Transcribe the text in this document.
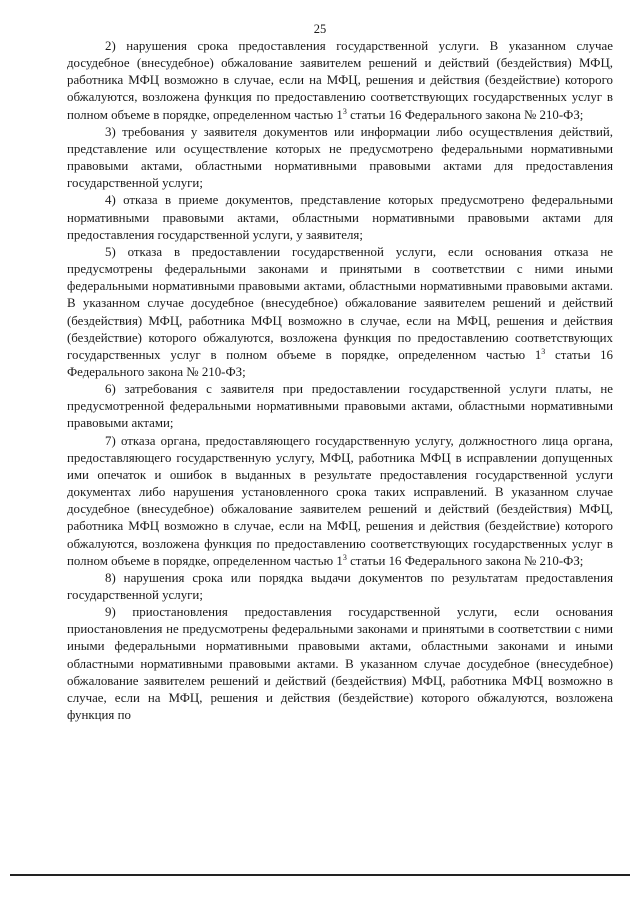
25

2) нарушения срока предоставления государственной услуги. В указанном случае досудебное (внесудебное) обжалование заявителем решений и действий (бездействия) МФЦ, работника МФЦ возможно в случае, если на МФЦ, решения и действия (бездействие) которого обжалуются, возложена функция по предоставлению соответствующих государственных услуг в полном объеме в порядке, определенном частью $1^3$ статьи 16 Федерального закона № 210-ФЗ;

3) требования у заявителя документов или информации либо осуществления действий, представление или осуществление которых не предусмотрено федеральными нормативными правовыми актами, областными нормативными правовыми актами для предоставления государственной услуги;

4) отказа в приеме документов, представление которых предусмотрено федеральными нормативными правовыми актами, областными нормативными правовыми актами для предоставления государственной услуги, у заявителя;

5) отказа в предоставлении государственной услуги, если основания отказа не предусмотрены федеральными законами и принятыми в соответствии с ними иными федеральными нормативными правовыми актами, областными нормативными правовыми актами. В указанном случае досудебное (внесудебное) обжалование заявителем решений и действий (бездействия) МФЦ, работника МФЦ возможно в случае, если на МФЦ, решения и действия (бездействие) которого обжалуются, возложена функция по предоставлению соответствующих государственных услуг в полном объеме в порядке, определенном частью $1^3$ статьи 16 Федерального закона № 210-ФЗ;

6) затребования с заявителя при предоставлении государственной услуги платы, не предусмотренной федеральными нормативными правовыми актами, областными нормативными правовыми актами;

7) отказа органа, предоставляющего государственную услугу, должностного лица органа, предоставляющего государственную услугу, МФЦ, работника МФЦ в исправлении допущенных ими опечаток и ошибок в выданных в результате предоставления государственной услуги документах либо нарушения установленного срока таких исправлений. В указанном случае досудебное (внесудебное) обжалование заявителем решений и действий (бездействия) МФЦ, работника МФЦ возможно в случае, если на МФЦ, решения и действия (бездействие) которого обжалуются, возложена функция по предоставлению соответствующих государственных услуг в полном объеме в порядке, определенном частью $1^3$ статьи 16 Федерального закона № 210-ФЗ;

8) нарушения срока или порядка выдачи документов по результатам предоставления государственной услуги;

9) приостановления предоставления государственной услуги, если основания приостановления не предусмотрены федеральными законами и принятыми в соответствии с ними иными федеральными нормативными правовыми актами, областными законами и иными областными нормативными правовыми актами. В указанном случае досудебное (внесудебное) обжалование заявителем решений и действий (бездействия) МФЦ, работника МФЦ возможно в случае, если на МФЦ, решения и действия (бездействие) которого обжалуются, возложена функция по
